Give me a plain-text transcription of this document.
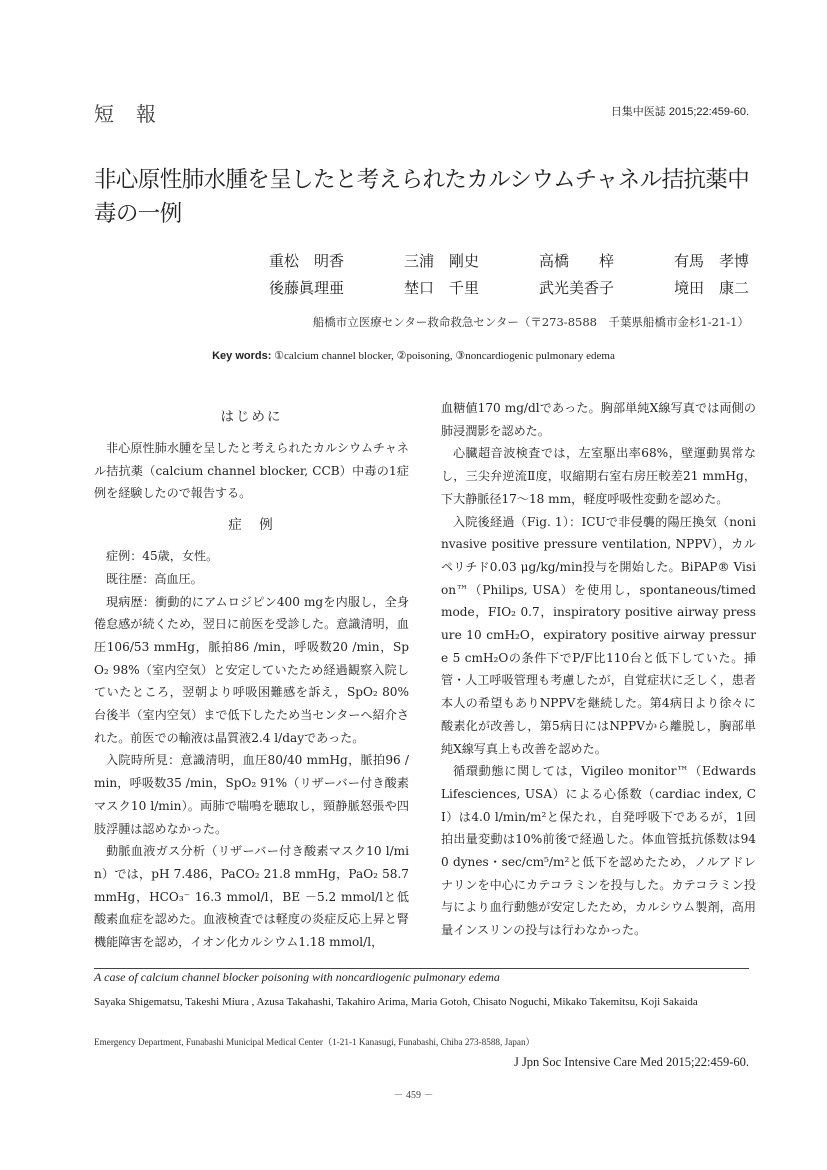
短報	日集中医誌 2015;22:459-60.
非心原性肺水腫を呈したと考えられたカルシウムチャネル拮抗薬中毒の一例
重松　明香	三浦　剛史	高橋　　梓	有馬　孝博
後藤眞理亜	埜口　千里	武光美香子	境田　康二
船橋市立医療センター救命救急センター（〒273-8588　千葉県船橋市金杉1-21-1）
Key words: ①calcium channel blocker, ②poisoning, ③noncardiogenic pulmonary edema
はじめに

非心原性肺水腫を呈したと考えられたカルシウムチャネル拮抗薬（calcium channel blocker, CCB）中毒の1症例を経験したので報告する。

症　例

症例：45歳，女性。

既往歴：高血圧。

現病歴：衝動的にアムロジピン400 mgを内服し，全身倦怠感が続くため，翌日に前医を受診した。意識清明，血圧106/53 mmHg，脈拍86 /min，呼吸数20 /min，SpO₂ 98%（室内空気）と安定していたため経過観察入院していたところ，翌朝より呼吸困難感を訴え，SpO₂ 80%台後半（室内空気）まで低下したため当センターへ紹介された。前医での輸液は晶質液2.4 l/dayであった。

入院時所見：意識清明，血圧80/40 mmHg，脈拍96 /min，呼吸数35 /min，SpO₂ 91%（リザーバー付き酸素マスク10 l/min）。両肺で喘鳴を聴取し，頸静脈怒張や四肢浮腫は認めなかった。

動脈血液ガス分析（リザーバー付き酸素マスク10 l/min）では，pH 7.486，PaCO₂ 21.8 mmHg，PaO₂ 58.7 mmHg，HCO₃⁻ 16.3 mmol/l，BE －5.2 mmol/lと低酸素血症を認めた。血液検査では軽度の炎症反応上昇と腎機能障害を認め，イオン化カルシウム1.18 mmol/l，

血糖値170 mg/dlであった。胸部単純X線写真では両側の肺浸潤影を認めた。

心臓超音波検査では，左室駆出率68%，壁運動異常なし，三尖弁逆流Ⅱ度，収縮期右室右房圧較差21 mmHg，下大静脈径17～18 mm，軽度呼吸性変動を認めた。

入院後経過（Fig. 1）：ICUで非侵襲的陽圧換気（noninvasive positive pressure ventilation, NPPV），カルペリチド0.03 μg/kg/min投与を開始した。BiPAP® Vision™（Philips, USA）を使用し，spontaneous/timed mode，FIO₂ 0.7，inspiratory positive airway pressure 10 cmH₂O，expiratory positive airway pressure 5 cmH₂Oの条件下でP/F比110台と低下していた。挿管・人工呼吸管理も考慮したが，自覚症状に乏しく，患者本人の希望もありNPPVを継続した。第4病日より徐々に酸素化が改善し，第5病日にはNPPVから離脱し，胸部単純X線写真上も改善を認めた。

循環動態に関しては，Vigileo monitor™（Edwards Lifesciences, USA）による心係数（cardiac index, CI）は4.0 l/min/m²と保たれ，自発呼吸下であるが，1回拍出量変動は10%前後で経過した。体血管抵抗係数は940 dynes・sec/cm⁵/m²と低下を認めたため，ノルアドレナリンを中心にカテコラミンを投与した。カテコラミン投与により血行動態が安定したため，カルシウム製剤，高用量インスリンの投与は行わなかった。

A case of calcium channel blocker poisoning with noncardiogenic pulmonary edema
Sayaka Shigematsu, Takeshi Miura , Azusa Takahashi, Takahiro Arima, Maria Gotoh, Chisato Noguchi, Mikako Takemitsu, Koji Sakaida
Emergency Department, Funabashi Municipal Medical Center（1-21-1 Kanasugi, Funabashi, Chiba 273-8588, Japan）
J Jpn Soc Intensive Care Med 2015;22:459-60.
－ 459 －
